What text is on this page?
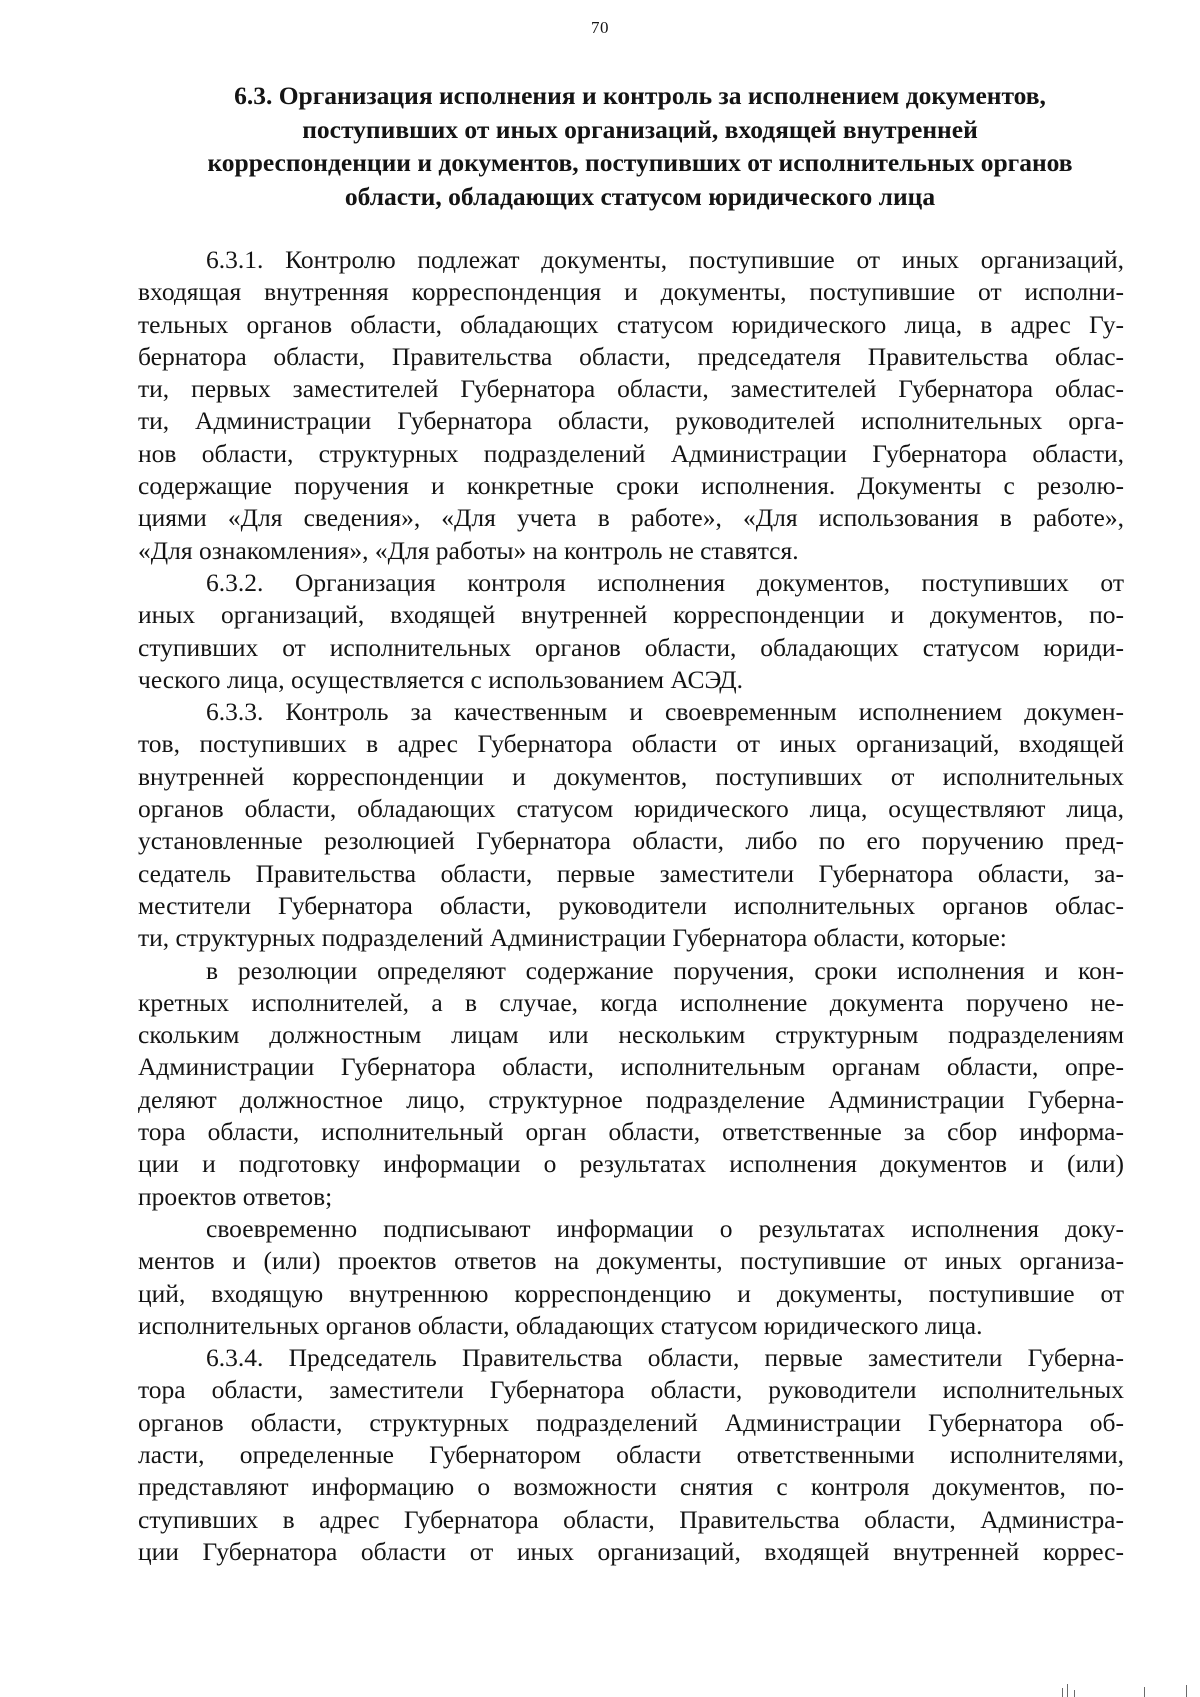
70
6.3. Организация исполнения и контроль за исполнением документов,
поступивших от иных организаций, входящей внутренней
корреспонденции и документов, поступивших от исполнительных органов
области, обладающих статусом юридического лица
6.3.1. Контролю подлежат документы, поступившие от иных организаций,
входящая внутренняя корреспонденция и документы, поступившие от исполни-
тельных органов области, обладающих статусом юридического лица, в адрес Гу-
бернатора области, Правительства области, председателя Правительства облас-
ти, первых заместителей Губернатора области, заместителей Губернатора облас-
ти, Администрации Губернатора области, руководителей исполнительных орга-
нов области, структурных подразделений Администрации Губернатора области,
содержащие поручения и конкретные сроки исполнения. Документы с резолю-
циями «Для сведения», «Для учета в работе», «Для использования в работе»,
«Для ознакомления», «Для работы» на контроль не ставятся.
6.3.2. Организация контроля исполнения документов, поступивших от
иных организаций, входящей внутренней корреспонденции и документов, по-
ступивших от исполнительных органов области, обладающих статусом юриди-
ческого лица, осуществляется с использованием АСЭД.
6.3.3. Контроль за качественным и своевременным исполнением докумен-
тов, поступивших в адрес Губернатора области от иных организаций, входящей
внутренней корреспонденции и документов, поступивших от исполнительных
органов области, обладающих статусом юридического лица, осуществляют лица,
установленные резолюцией Губернатора области, либо по его поручению пред-
седатель Правительства области, первые заместители Губернатора области, за-
местители Губернатора области, руководители исполнительных органов облас-
ти, структурных подразделений Администрации Губернатора области, которые:
в резолюции определяют содержание поручения, сроки исполнения и кон-
кретных исполнителей, а в случае, когда исполнение документа поручено не-
скольким должностным лицам или нескольким структурным подразделениям
Администрации Губернатора области, исполнительным органам области, опре-
деляют должностное лицо, структурное подразделение Администрации Губерна-
тора области, исполнительный орган области, ответственные за сбор информа-
ции и подготовку информации о результатах исполнения документов и (или)
проектов ответов;
своевременно подписывают информации о результатах исполнения доку-
ментов и (или) проектов ответов на документы, поступившие от иных организа-
ций, входящую внутреннюю корреспонденцию и документы, поступившие от
исполнительных органов области, обладающих статусом юридического лица.
6.3.4. Председатель Правительства области, первые заместители Губерна-
тора области, заместители Губернатора области, руководители исполнительных
органов области, структурных подразделений Администрации Губернатора об-
ласти, определенные Губернатором области ответственными исполнителями,
представляют информацию о возможности снятия с контроля документов, по-
ступивших в адрес Губернатора области, Правительства области, Администра-
ции Губернатора области от иных организаций, входящей внутренней коррес-
